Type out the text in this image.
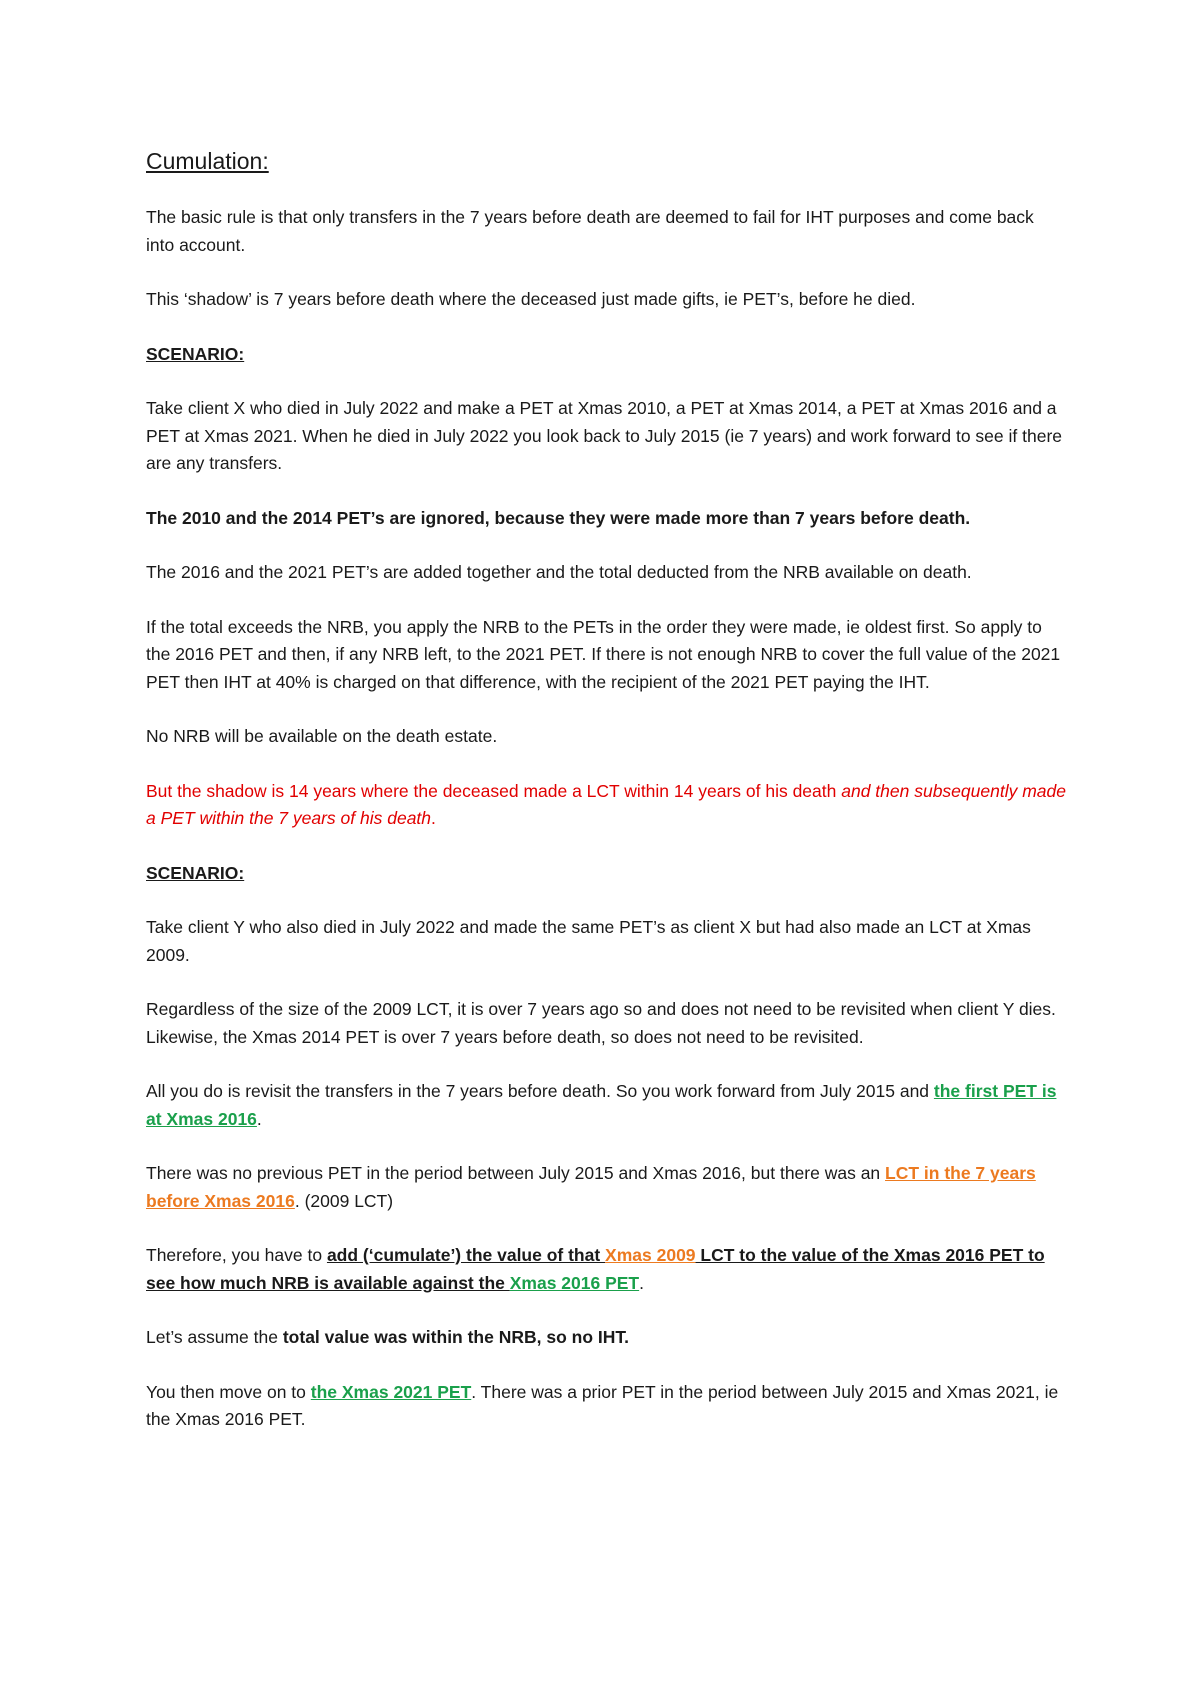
Cumulation:

The basic rule is that only transfers in the 7 years before death are deemed to fail for IHT purposes and come back into account.

This ‘shadow’ is 7 years before death where the deceased just made gifts, ie PET’s, before he died.

SCENARIO:

Take client X who died in July 2022 and make a PET at Xmas 2010, a PET at Xmas 2014, a PET at Xmas 2016 and a PET at Xmas 2021. When he died in July 2022 you look back to July 2015 (ie 7 years) and work forward to see if there are any transfers.

The 2010 and the 2014 PET’s are ignored, because they were made more than 7 years before death.

The 2016 and the 2021 PET’s are added together and the total deducted from the NRB available on death.

If the total exceeds the NRB, you apply the NRB to the PETs in the order they were made, ie oldest first. So apply to the 2016 PET and then, if any NRB left, to the 2021 PET. If there is not enough NRB to cover the full value of the 2021 PET then IHT at 40% is charged on that difference, with the recipient of the 2021 PET paying the IHT.

No NRB will be available on the death estate.

But the shadow is 14 years where the deceased made a LCT within 14 years of his death and then subsequently made a PET within the 7 years of his death.

SCENARIO:

Take client Y who also died in July 2022 and made the same PET’s as client X but had also made an LCT at Xmas 2009.

Regardless of the size of the 2009 LCT, it is over 7 years ago so and does not need to be revisited when client Y dies. Likewise, the Xmas 2014 PET is over 7 years before death, so does not need to be revisited.

All you do is revisit the transfers in the 7 years before death. So you work forward from July 2015 and the first PET is at Xmas 2016.

There was no previous PET in the period between July 2015 and Xmas 2016, but there was an LCT in the 7 years before Xmas 2016. (2009 LCT)

Therefore, you have to add (‘cumulate’) the value of that Xmas 2009 LCT to the value of the Xmas 2016 PET to see how much NRB is available against the Xmas 2016 PET.

Let’s assume the total value was within the NRB, so no IHT.

You then move on to the Xmas 2021 PET. There was a prior PET in the period between July 2015 and Xmas 2021, ie the Xmas 2016 PET.
